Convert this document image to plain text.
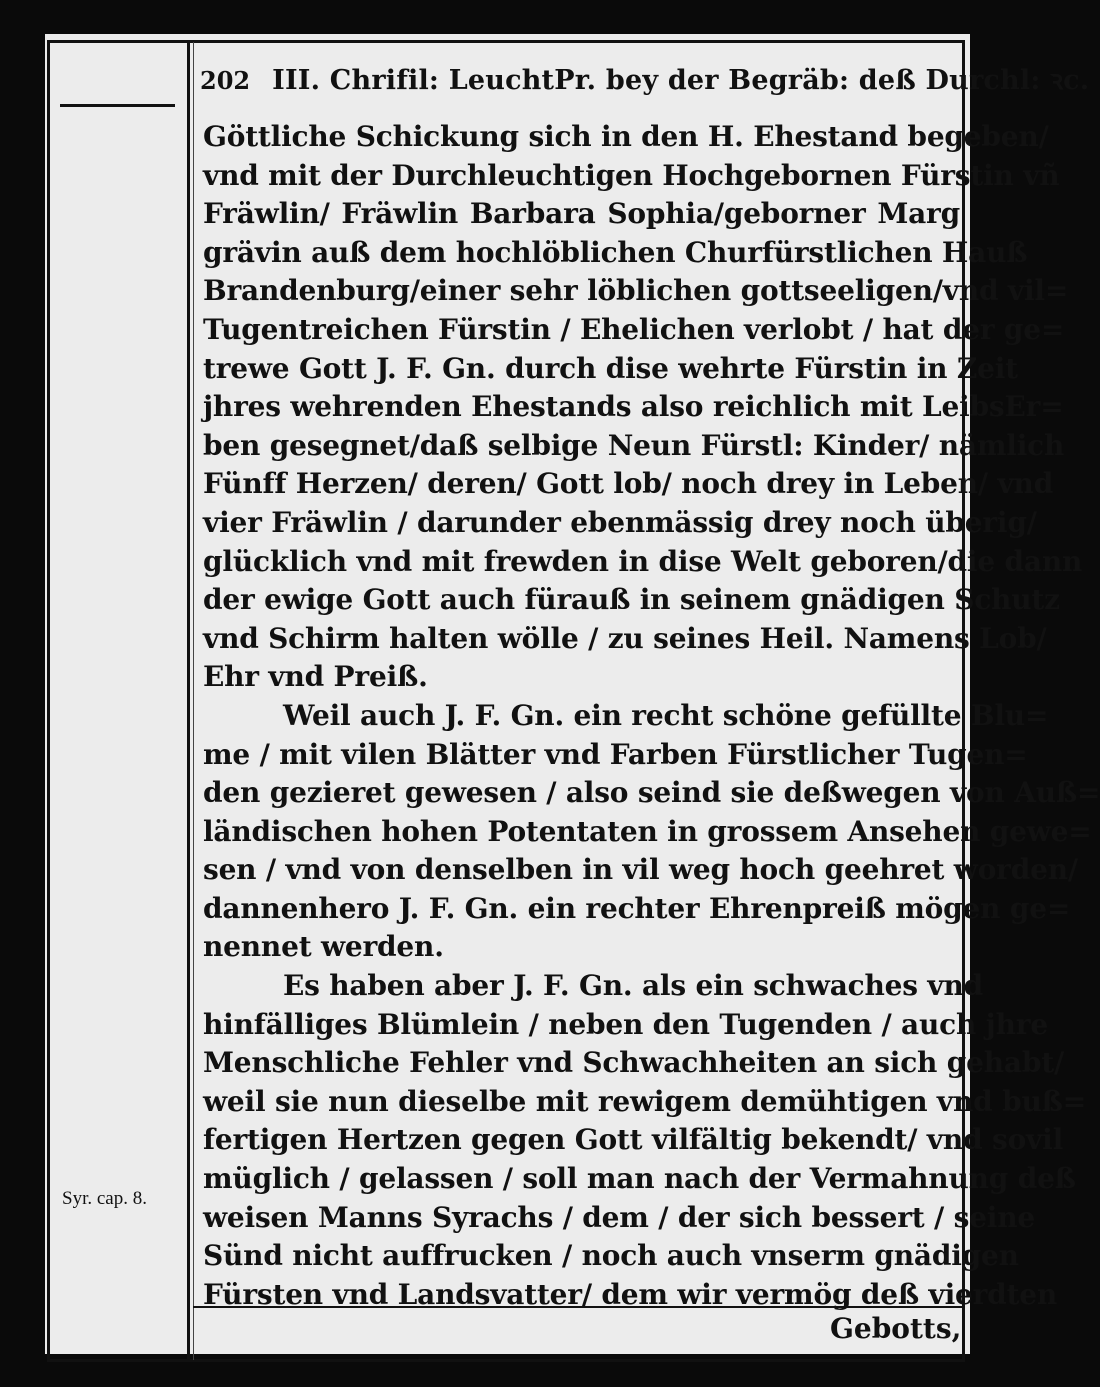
202 III. Chrifil: LeuchtPr. bey der Begräb: deß Durchl: ꝛc.
Göttliche Schickung sich in den H. Ehestand begeben/
vnd mit der Durchleuchtigen Hochgebornen Fürstin vñ
Fräwlin/ Fräwlin Barbara Sophia/geborner Marg
grävin auß dem hochlöblichen Churfürstlichen Hauß
Brandenburg/einer sehr löblichen gottseeligen/vnd vil=
Tugentreichen Fürstin / Ehelichen verlobt / hat der ge=
trewe Gott J. F. Gn. durch dise wehrte Fürstin in Zeit
jhres wehrenden Ehestands also reichlich mit LeibsEr=
ben gesegnet/daß selbige Neun Fürstl: Kinder/ nämlich
Fünff Herzen/ deren/ Gott lob/ noch drey in Leben/ vnd
vier Fräwlin / darunder ebenmässig drey noch überig/
glücklich vnd mit frewden in dise Welt geboren/die dann
der ewige Gott auch fürauß in seinem gnädigen Schutz
vnd Schirm halten wölle / zu seines Heil. Namens Lob/
Ehr vnd Preiß.
Weil auch J. F. Gn. ein recht schöne gefüllte Blu=
me / mit vilen Blätter vnd Farben Fürstlicher Tugen=
den gezieret gewesen / also seind sie deßwegen von Auß=
ländischen hohen Potentaten in grossem Ansehen gewe=
sen / vnd von denselben in vil weg hoch geehret worden/
dannenhero J. F. Gn. ein rechter Ehrenpreiß mögen ge=
nennet werden.
Es haben aber J. F. Gn. als ein schwaches vnd
hinfälliges Blümlein / neben den Tugenden / auch jhre
Menschliche Fehler vnd Schwachheiten an sich gehabt/
weil sie nun dieselbe mit rewigem demühtigen vnd buß=
fertigen Hertzen gegen Gott vilfältig bekendt/ vnd sovil
müglich / gelassen / soll man nach der Vermahnung deß
weisen Manns Syrachs / dem / der sich bessert / seine
Sünd nicht auffrucken / noch auch vnserm gnädigen
Fürsten vnd Landsvatter/ dem wir vermög deß vierdten
Syr. cap. 8.
Gebotts,
